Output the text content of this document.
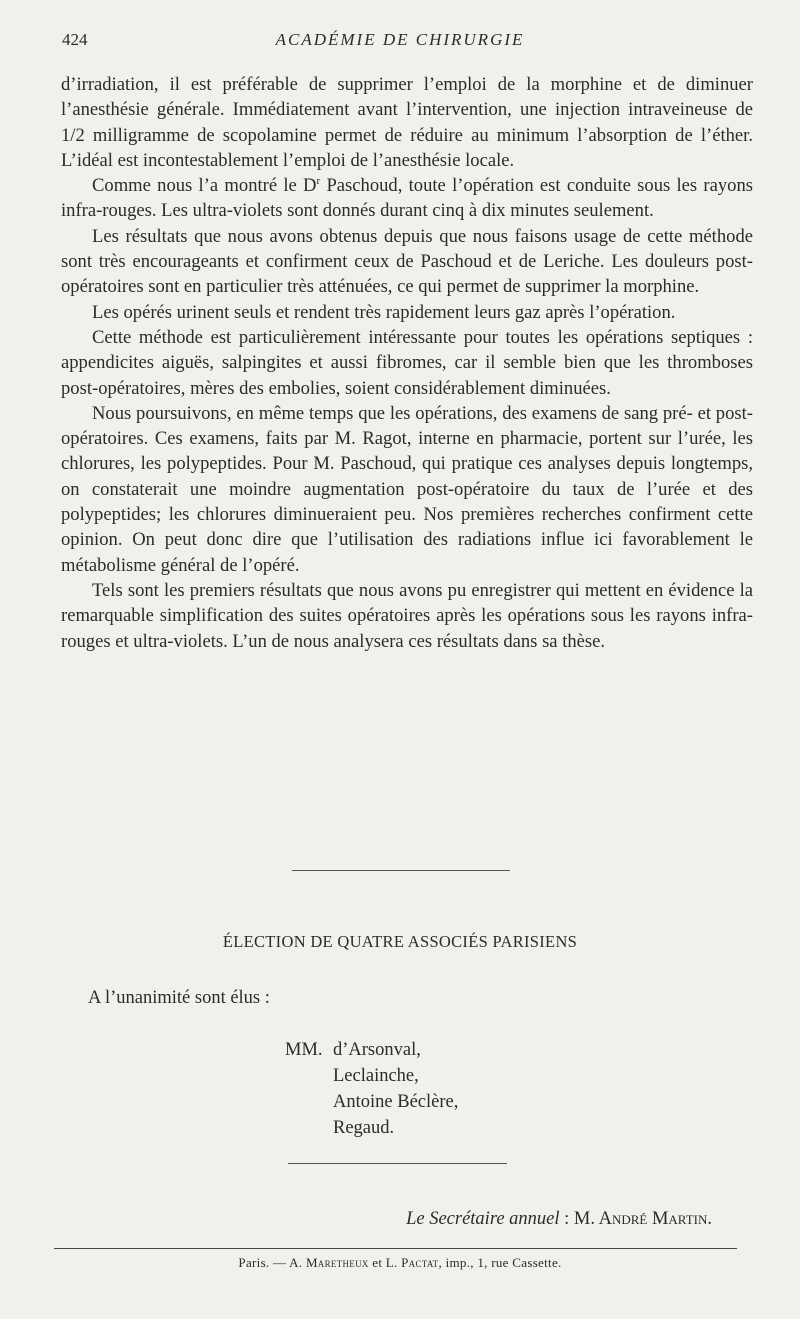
424	ACADÉMIE DE CHIRURGIE

d’irradiation, il est préférable de supprimer l’emploi de la morphine et de diminuer l’anesthésie générale. Immédiatement avant l’intervention, une injection intraveineuse de 1/2 milligramme de scopolamine permet de réduire au minimum l’absorption de l’éther. L’idéal est incontestablement l’emploi de l’anesthésie locale.

Comme nous l’a montré le $D^r$ Paschoud, toute l’opération est conduite sous les rayons infra-rouges. Les ultra-violets sont donnés durant cinq à dix minutes seulement.

Les résultats que nous avons obtenus depuis que nous faisons usage de cette méthode sont très encourageants et confirment ceux de Paschoud et de Leriche. Les douleurs post-opératoires sont en particulier très atténuées, ce qui permet de supprimer la morphine.

Les opérés urinent seuls et rendent très rapidement leurs gaz après l’opération.

Cette méthode est particulièrement intéressante pour toutes les opérations septiques : appendicites aiguës, salpingites et aussi fibromes, car il semble bien que les thromboses post-opératoires, mères des embolies, soient considérablement diminuées.

Nous poursuivons, en même temps que les opérations, des examens de sang pré- et post-opératoires. Ces examens, faits par M. Ragot, interne en pharmacie, portent sur l’urée, les chlorures, les polypeptides. Pour M. Paschoud, qui pratique ces analyses depuis longtemps, on constaterait une moindre augmentation post-opératoire du taux de l’urée et des polypeptides; les chlorures diminueraient peu. Nos premières recherches confirment cette opinion. On peut donc dire que l’utilisation des radiations influe ici favorablement le métabolisme général de l’opéré.

Tels sont les premiers résultats que nous avons pu enregistrer qui mettent en évidence la remarquable simplification des suites opératoires après les opérations sous les rayons infra-rouges et ultra-violets. L’un de nous analysera ces résultats dans sa thèse.

ÉLECTION DE QUATRE ASSOCIÉS PARISIENS
A l’unanimité sont élus :
MM. d’Arsonval,
Leclainche,
Antoine Béclère,
Regaud.
Le Secrétaire annuel : M. André Martin.
Paris. — A. Maretheux et L. Pactat, imp., 1, rue Cassette.
